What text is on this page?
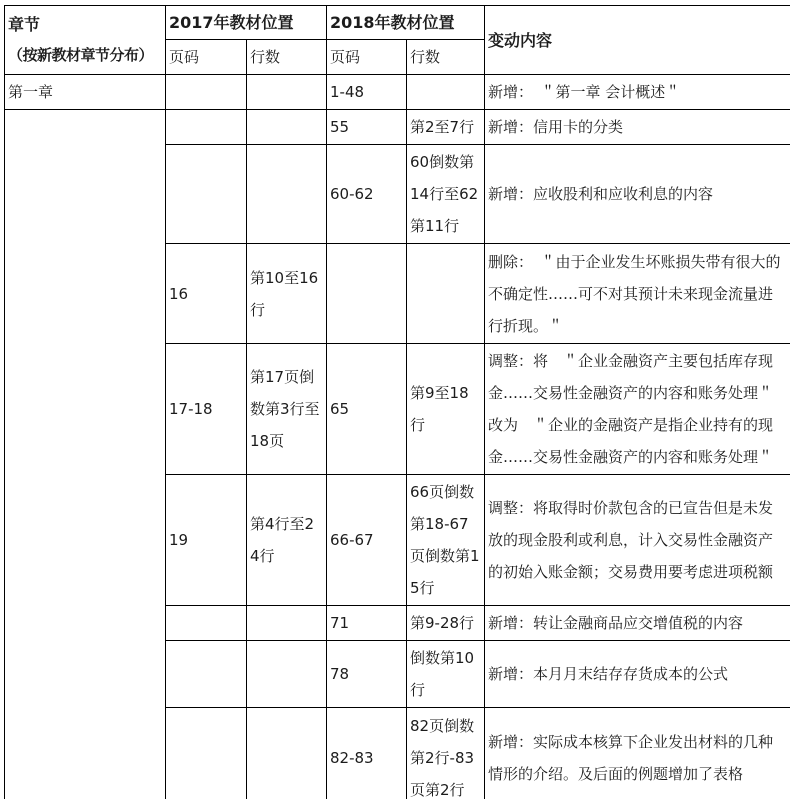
章节
（按新教材章节分布）	2017年教材位置		2018年教材位置		变动内容
	页码	行数	页码	行数	
第一章			1-48		新增：　＂第一章 会计概述＂
			55	第2至7行	新增：信用卡的分类
			60-62	60倒数第14行至62第11行	新增：应收股利和应收利息的内容
	16	第10至16行			删除：　＂由于企业发生坏账损失带有很大的不确定性……可不对其预计未来现金流量进行折现。＂
	17-18	第17页倒数第3行至18页	65	第9至18行	调整：将　＂企业金融资产主要包括库存现金……交易性金融资产的内容和账务处理＂改为　＂企业的金融资产是指企业持有的现金……交易性金融资产的内容和账务处理＂
	19	第4行至24行	66-67	66页倒数第18-67页倒数第15行	调整：将取得时价款包含的已宣告但是未发放的现金股利或利息，计入交易性金融资产的初始入账金额；交易费用要考虑进项税额
			71	第9-28行	新增：转让金融商品应交增值税的内容
			78	倒数第10行	新增：本月月末结存存货成本的公式
			82-83	82页倒数第2行-83页第2行	新增：实际成本核算下企业发出材料的几种情形的介绍。及后面的例题增加了表格
